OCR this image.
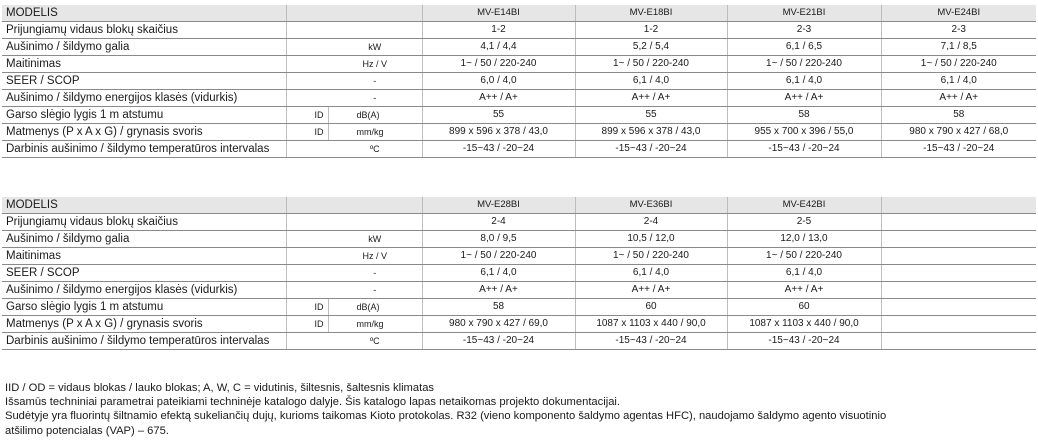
MODELIS			MV-E14BI	MV-E18BI	MV-E21BI	MV-E24BI
Prijungiamų vidaus blokų skaičius			1-2	1-2	2-3	2-3
Aušinimo / šildymo galia		kW	4,1 / 4,4	5,2 / 5,4	6,1 / 6,5	7,1 / 8,5
Maitinimas		Hz / V	1~ / 50 / 220-240	1~ / 50 / 220-240	1~ / 50 / 220-240	1~ / 50 / 220-240
SEER / SCOP		-	6,0 / 4,0	6,1 / 4,0	6,1 / 4,0	6,1 / 4,0
Aušinimo / šildymo energijos klasės (vidurkis)		-	A++ / A+	A++ / A+	A++ / A+	A++ / A+
Garso slėgio lygis 1 m atstumu	ID	dB(A)	55	55	58	58
Matmenys (P x A x G) / grynasis svoris	ID	mm/kg	899 x 596 x 378 / 43,0	899 x 596 x 378 / 43,0	955 x 700 x 396 / 55,0	980 x 790 x 427 / 68,0
Darbinis aušinimo / šildymo temperatūros intervalas		ºC	-15~43 / -20~24	-15~43 / -20~24	-15~43 / -20~24	-15~43 / -20~24
MODELIS			MV-E28BI	MV-E36BI	MV-E42BI	
Prijungiamų vidaus blokų skaičius			2-4	2-4	2-5	
Aušinimo / šildymo galia		kW	8,0 / 9,5	10,5 / 12,0	12,0 / 13,0	
Maitinimas		Hz / V	1~ / 50 / 220-240	1~ / 50 / 220-240	1~ / 50 / 220-240	
SEER / SCOP		-	6,1 / 4,0	6,1 / 4,0	6,1 / 4,0	
Aušinimo / šildymo energijos klasės (vidurkis)		-	A++ / A+	A++ / A+	A++ / A+	
Garso slėgio lygis 1 m atstumu	ID	dB(A)	58	60	60	
Matmenys (P x A x G) / grynasis svoris	ID	mm/kg	980 x 790 x 427 / 69,0	1087 x 1103 x 440 / 90,0	1087 x 1103 x 440 / 90,0	
Darbinis aušinimo / šildymo temperatūros intervalas		ºC	-15~43 / -20~24	-15~43 / -20~24	-15~43 / -20~24	
IID / OD = vidaus blokas / lauko blokas; A, W, C = vidutinis, šiltesnis, šaltesnis klimatas
Išsamūs techniniai parametrai pateikiami techninėje katalogo dalyje. Šis katalogo lapas netaikomas projekto dokumentacijai.
Sudėtyje yra fluorintų šiltnamio efektą sukeliančių dujų, kurioms taikomas Kioto protokolas. R32 (vieno komponento šaldymo agentas HFC), naudojamo šaldymo agento visuotinio
atšilimo potencialas (VAP) – 675.
